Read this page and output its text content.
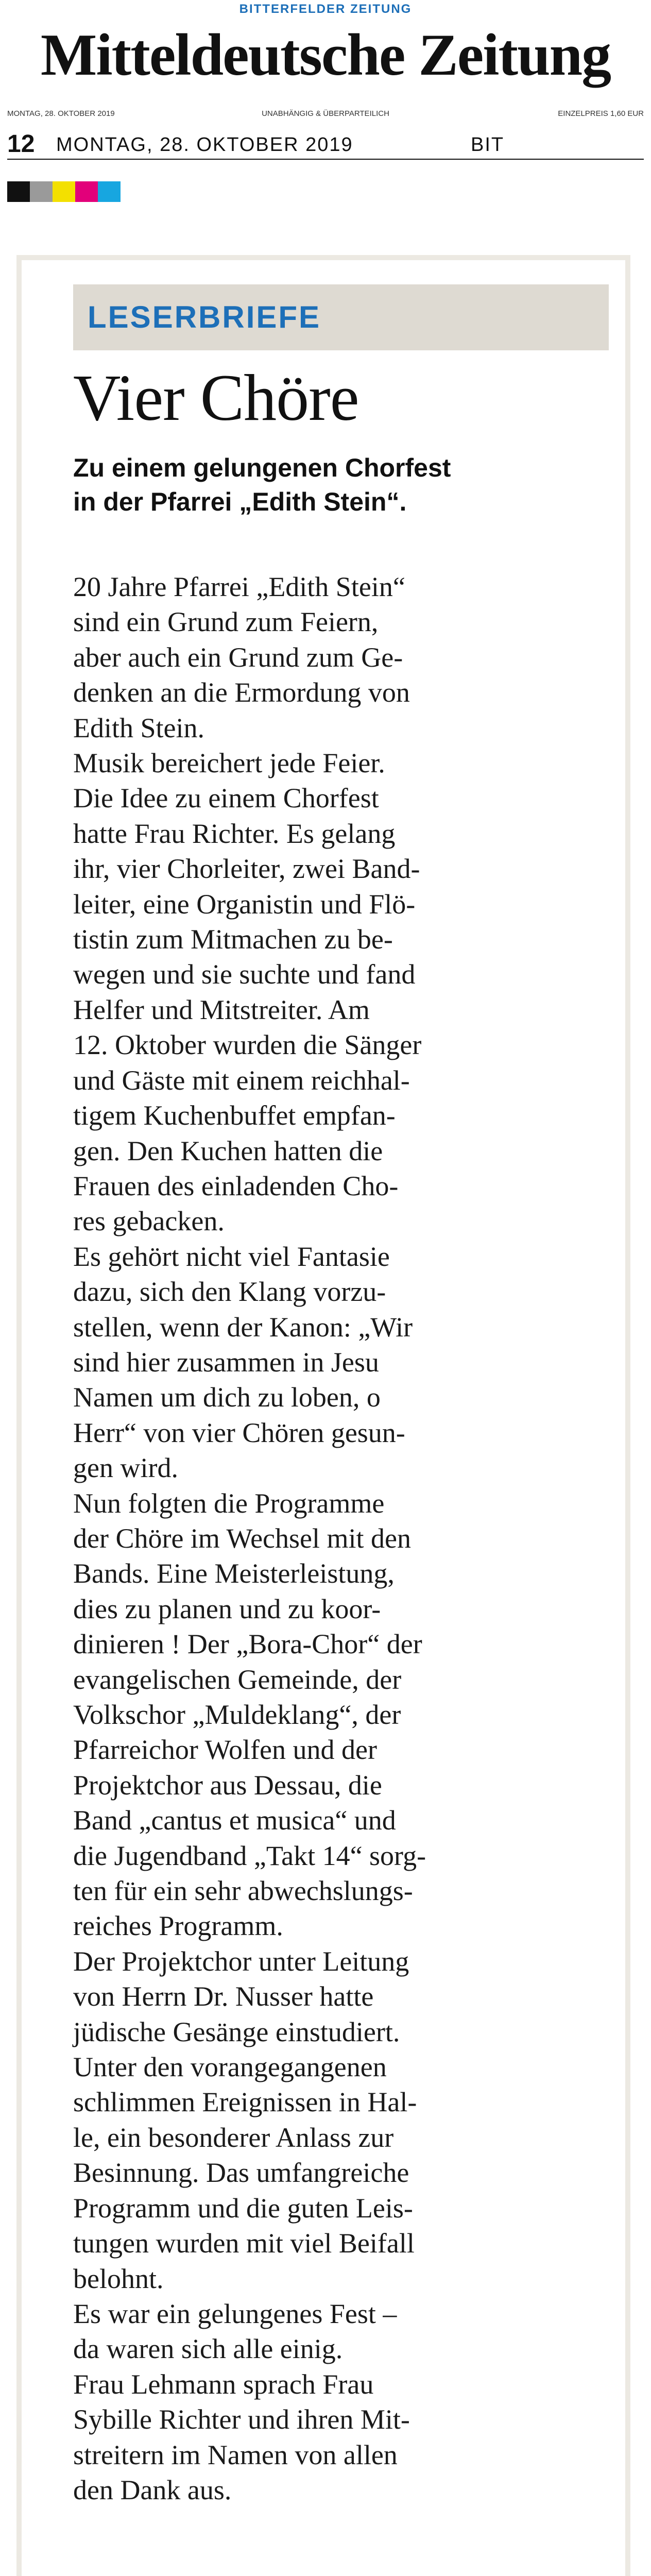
BITTERFELDER ZEITUNG
Mitteldeutsche Zeitung
MONTAG, 28. OKTOBER 2019	UNABHÄNGIG & ÜBERPARTEILICH	EINZELPREIS 1,60 EUR
12 MONTAG, 28. OKTOBER 2019	BIT
LESERBRIEFE
Vier Chöre
Zu einem gelungenen Chorfest
in der Pfarrei „Edith Stein“.
20 Jahre Pfarrei „Edith Stein“
sind ein Grund zum Feiern,
aber auch ein Grund zum Ge-
denken an die Ermordung von
Edith Stein.
Musik bereichert jede Feier.
Die Idee zu einem Chorfest
hatte Frau Richter. Es gelang
ihr, vier Chorleiter, zwei Band-
leiter, eine Organistin und Flö-
tistin zum Mitmachen zu be-
wegen und sie suchte und fand
Helfer und Mitstreiter. Am
12. Oktober wurden die Sänger
und Gäste mit einem reichhal-
tigem Kuchenbuffet empfan-
gen. Den Kuchen hatten die
Frauen des einladenden Cho-
res gebacken.
Es gehört nicht viel Fantasie
dazu, sich den Klang vorzu-
stellen, wenn der Kanon: „Wir
sind hier zusammen in Jesu
Namen um dich zu loben, o
Herr“ von vier Chören gesun-
gen wird.
Nun folgten die Programme
der Chöre im Wechsel mit den
Bands. Eine Meisterleistung,
dies zu planen und zu koor-
dinieren ! Der „Bora-Chor“ der
evangelischen Gemeinde, der
Volkschor „Muldeklang“, der
Pfarreichor Wolfen und der
Projektchor aus Dessau, die
Band „cantus et musica“ und
die Jugendband „Takt 14“ sorg-
ten für ein sehr abwechslungs-
reiches Programm.
Der Projektchor unter Leitung
von Herrn Dr. Nusser hatte
jüdische Gesänge einstudiert.
Unter den vorangegangenen
schlimmen Ereignissen in Hal-
le, ein besonderer Anlass zur
Besinnung. Das umfangreiche
Programm und die guten Leis-
tungen wurden mit viel Beifall
belohnt.
Es war ein gelungenes Fest –
da waren sich alle einig.
Frau Lehmann sprach Frau
Sybille Richter und ihren Mit-
streitern im Namen von allen
den Dank aus.
